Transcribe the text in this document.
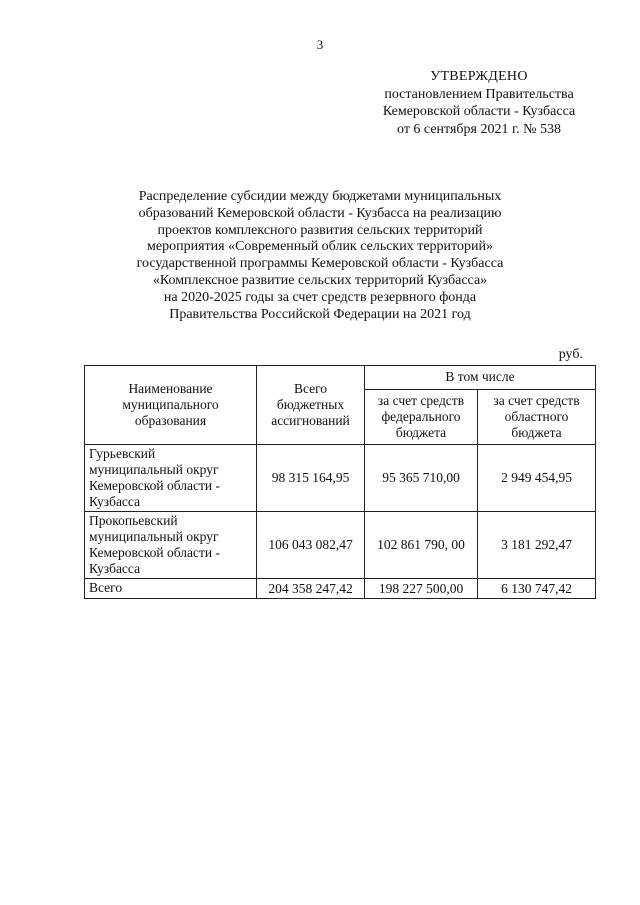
3
УТВЕРЖДЕНО
постановлением Правительства
Кемеровской области - Кузбасса
от 6 сентября 2021 г. № 538
Распределение субсидии между бюджетами муниципальных
образований Кемеровской области - Кузбасса на реализацию
проектов комплексного развития сельских территорий
мероприятия «Современный облик сельских территорий»
государственной программы Кемеровской области - Кузбасса
«Комплексное развитие сельских территорий Кузбасса»
на 2020-2025 годы за счет средств резервного фонда
Правительства Российской Федерации на 2021 год
руб.
Наименование муниципального образования	Всего бюджетных ассигнований	В том числе	
		за счет средств федерального бюджета	за счет средств областного бюджета
Гурьевский муниципальный округ Кемеровской области - Кузбасса	98 315 164,95	95 365 710,00	2 949 454,95
Прокопьевский муниципальный округ Кемеровской области - Кузбасса	106 043 082,47	102 861 790, 00	3 181 292,47
Всего	204 358 247,42	198 227 500,00	6 130 747,42
